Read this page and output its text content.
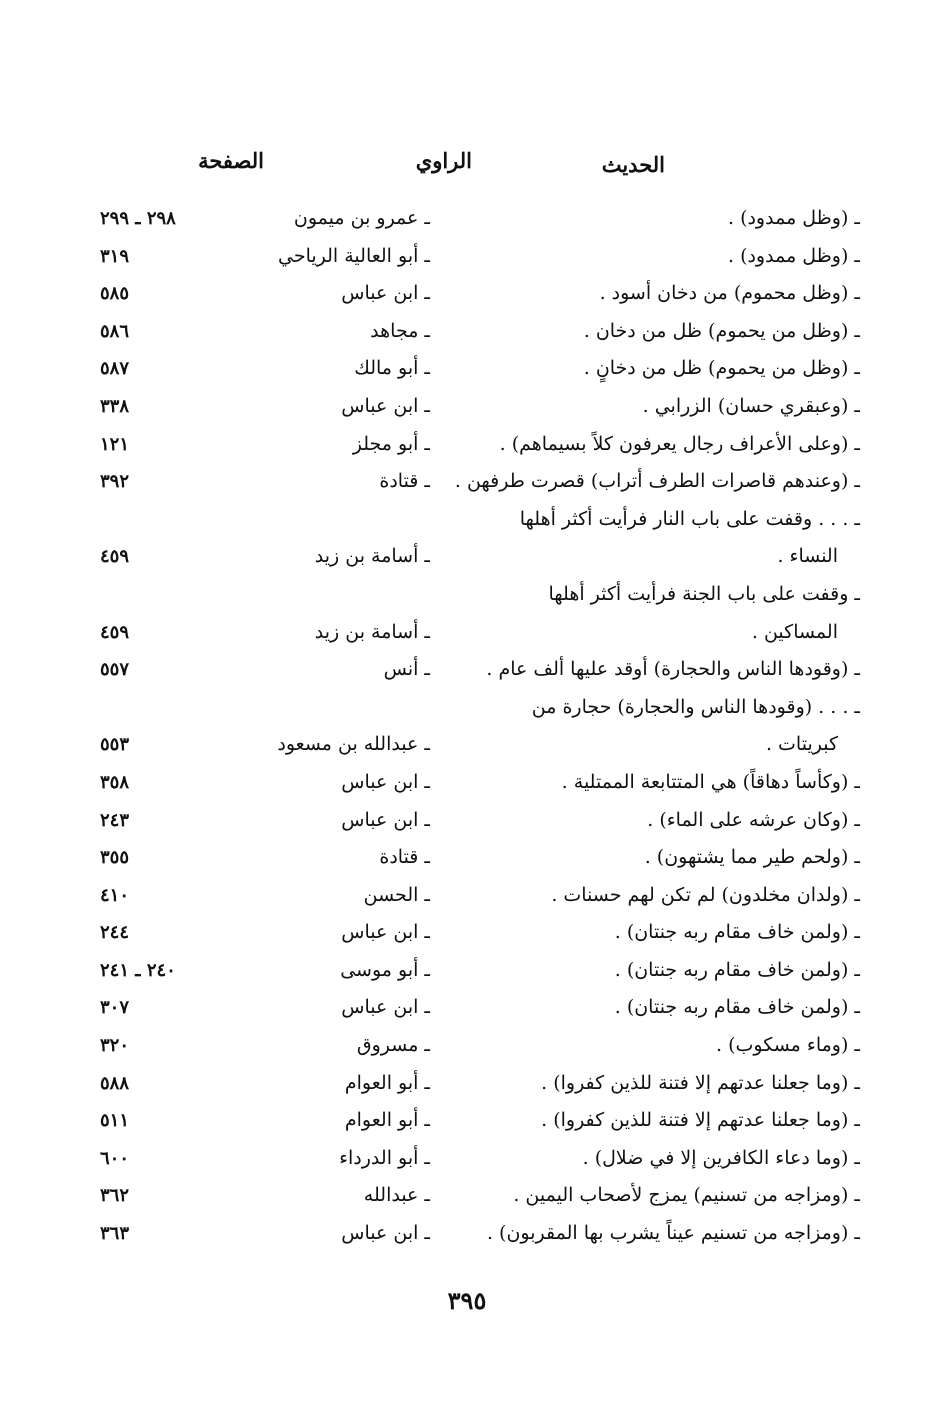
الحديث
الراوي
الصفحة
ـ (وظل ممدود) .
ـ عمرو بن ميمون
٢٩٨ ـ ٢٩٩
ـ (وظل ممدود) .
ـ أبو العالية الرياحي
٣١٩
ـ (وظل محموم) من دخان أسود .
ـ ابن عباس
٥٨٥
ـ (وظل من يحموم) ظل من دخان .
ـ مجاهد
٥٨٦
ـ (وظل من يحموم) ظل من دخانٍ .
ـ أبو مالك
٥٨٧
ـ (وعبقري حسان) الزرابي .
ـ ابن عباس
٣٣٨
ـ (وعلى الأعراف رجال يعرفون كلاً بسيماهم) .
ـ أبو مجلز
١٢١
ـ (وعندهم قاصرات الطرف أتراب) قصرت طرفهن .
ـ قتادة
٣٩٢
ـ . . . وقفت على باب النار فرأيت أكثر أهلها
النساء .
ـ أسامة بن زيد
٤٥٩
ـ وقفت على باب الجنة فرأيت أكثر أهلها
المساكين .
ـ أسامة بن زيد
٤٥٩
ـ (وقودها الناس والحجارة) أوقد عليها ألف عام .
ـ أنس
٥٥٧
ـ . . . (وقودها الناس والحجارة) حجارة من
كبريتات .
ـ عبدالله بن مسعود
٥٥٣
ـ (وكأساً دهاقاً) هي المتتابعة الممتلية .
ـ ابن عباس
٣٥٨
ـ (وكان عرشه على الماء) .
ـ ابن عباس
٢٤٣
ـ (ولحم طير مما يشتهون) .
ـ قتادة
٣٥٥
ـ (ولدان مخلدون) لم تكن لهم حسنات .
ـ الحسن
٤١٠
ـ (ولمن خاف مقام ربه جنتان) .
ـ ابن عباس
٢٤٤
ـ (ولمن خاف مقام ربه جنتان) .
ـ أبو موسى
٢٤٠ ـ ٢٤١
ـ (ولمن خاف مقام ربه جنتان) .
ـ ابن عباس
٣٠٧
ـ (وماء مسكوب) .
ـ مسروق
٣٢٠
ـ (وما جعلنا عدتهم إلا فتنة للذين كفروا) .
ـ أبو العوام
٥٨٨
ـ (وما جعلنا عدتهم إلا فتنة للذين كفروا) .
ـ أبو العوام
٥١١
ـ (وما دعاء الكافرين إلا في ضلال) .
ـ أبو الدرداء
٦٠٠
ـ (ومزاجه من تسنيم) يمزج لأصحاب اليمين .
ـ عبدالله
٣٦٢
ـ (ومزاجه من تسنيم عيناً يشرب بها المقربون) .
ـ ابن عباس
٣٦٣
٣٩٥
